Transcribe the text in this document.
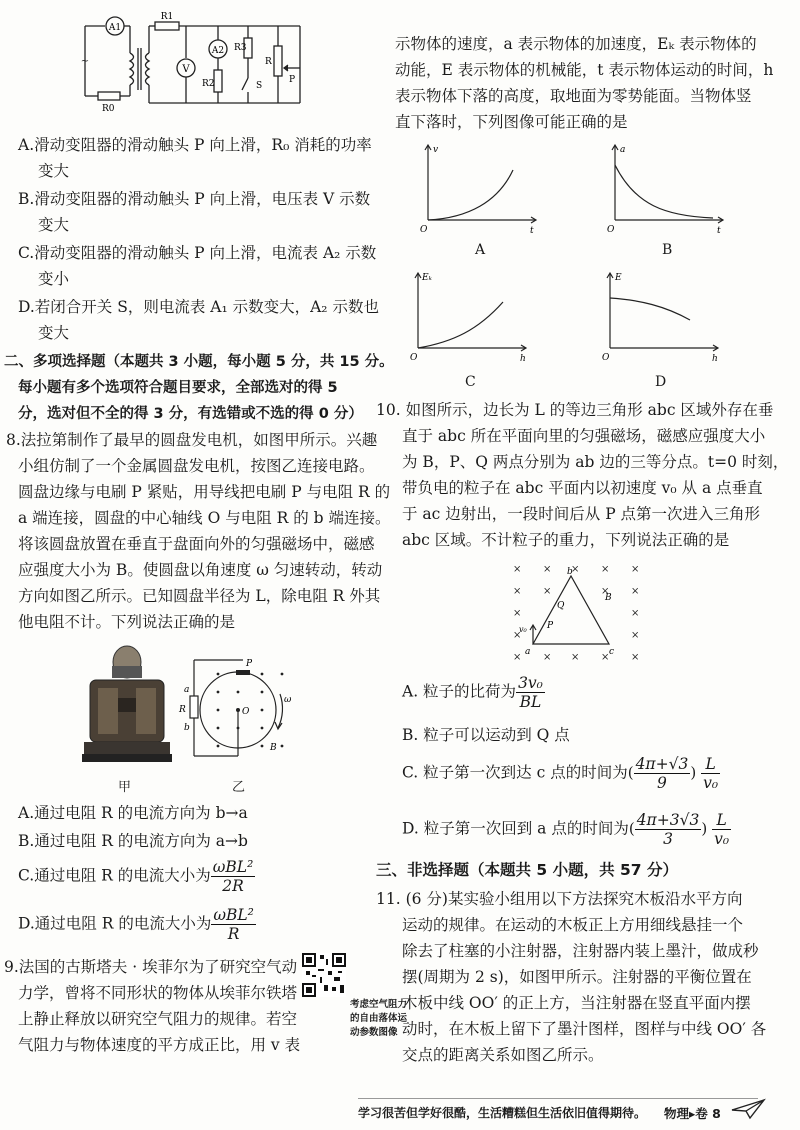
~
A1
R1
V
A2 R3
R
P
R2	S
R0
A.滑动变阻器的滑动触头 P 向上滑，R₀ 消耗的功率
变大
B.滑动变阻器的滑动触头 P 向上滑，电压表 V 示数
变大
C.滑动变阻器的滑动触头 P 向上滑，电流表 A₂ 示数
变小
D.若闭合开关 S，则电流表 A₁ 示数变大，A₂ 示数也
变大
二、多项选择题（本题共 3 小题，每小题 5 分，共 15 分。
每小题有多个选项符合题目要求，全部选对的得 5
分，选对但不全的得 3 分，有选错或不选的得 0 分）
8.法拉第制作了最早的圆盘发电机，如图甲所示。兴趣
小组仿制了一个金属圆盘发电机，按图乙连接电路。
圆盘边缘与电刷 P 紧贴，用导线把电刷 P 与电阻 R 的
a 端连接，圆盘的中心轴线 O 与电阻 R 的 b 端连接。
将该圆盘放置在垂直于盘面向外的匀强磁场中，磁感
应强度大小为 B。使圆盘以角速度 ω 匀速转动，转动
方向如图乙所示。已知圆盘半径为 L，除电阻 R 外其
他电阻不计。下列说法正确的是
甲
P
a
b
R	O
ω
B
乙
A.通过电阻 R 的电流方向为 b→a
B.通过电阻 R 的电流方向为 a→b
C.通过电阻 R 的电流大小为 $\frac{\text{ωBL²}}{2R}$
D.通过电阻 R 的电流大小为 $\frac{\text{ωBL²}}{R}$
9.法国的古斯塔夫 · 埃菲尔为了研究空气动
力学，曾将不同形状的物体从埃菲尔铁塔
上静止释放以研究空气阻力的规律。若空
气阻力与物体速度的平方成正比，用 v 表
考虑空气阻力
的自由落体运
动参数图像
示物体的速度，a 表示物体的加速度，Eₖ 表示物体的
动能，E 表示物体的机械能，t 表示物体运动的时间，h
表示物体下落的高度，取地面为零势能面。当物体竖
直下落时，下列图像可能正确的是
v
t
O
A
a
t
O
B
Eₖ
h
O
C
E
h
O
D
10. 如图所示，边长为 L 的等边三角形 abc 区域外存在垂
直于 abc 所在平面向里的匀强磁场，磁感应强度大小
为 B，P、Q 两点分别为 ab 边的三等分点。t=0 时刻，
带负电的粒子在 abc 平面内以初速度 v₀ 从 a 点垂直
于 ac 边射出，一段时间后从 P 点第一次进入三角形
abc 区域。不计粒子的重力，下列说法正确的是
× × × × ×
× ×	× ×
×	×
×	×
× × × × ×
a
b
c
P
Q
B
v₀
A. 粒子的比荷为 $\frac{\text{3v₀}}{BL}$
B. 粒子可以运动到 Q 点
C. 粒子第一次到达 c 点的时间为( $\frac{4\pi+√3}{9}$ ) $\frac{L}{\text{v₀}}$
D. 粒子第一次回到 a 点的时间为( $\frac{4\pi+3√3}{3}$ ) $\frac{L}{\text{v₀}}$
三、非选择题（本题共 5 小题，共 57 分）
11. (6 分)某实验小组用以下方法探究木板沿水平方向
运动的规律。在运动的木板正上方用细线悬挂一个
除去了柱塞的小注射器，注射器内装上墨汁，做成秒
摆(周期为 2 s)，如图甲所示。注射器的平衡位置在
木板中线 OO′ 的正上方，当注射器在竖直平面内摆
动时，在木板上留下了墨汁图样，图样与中线 OO′ 各
交点的距离关系如图乙所示。
学习很苦但学好很酷，生活糟糕但生活依旧值得期待。 物理▸卷 8
